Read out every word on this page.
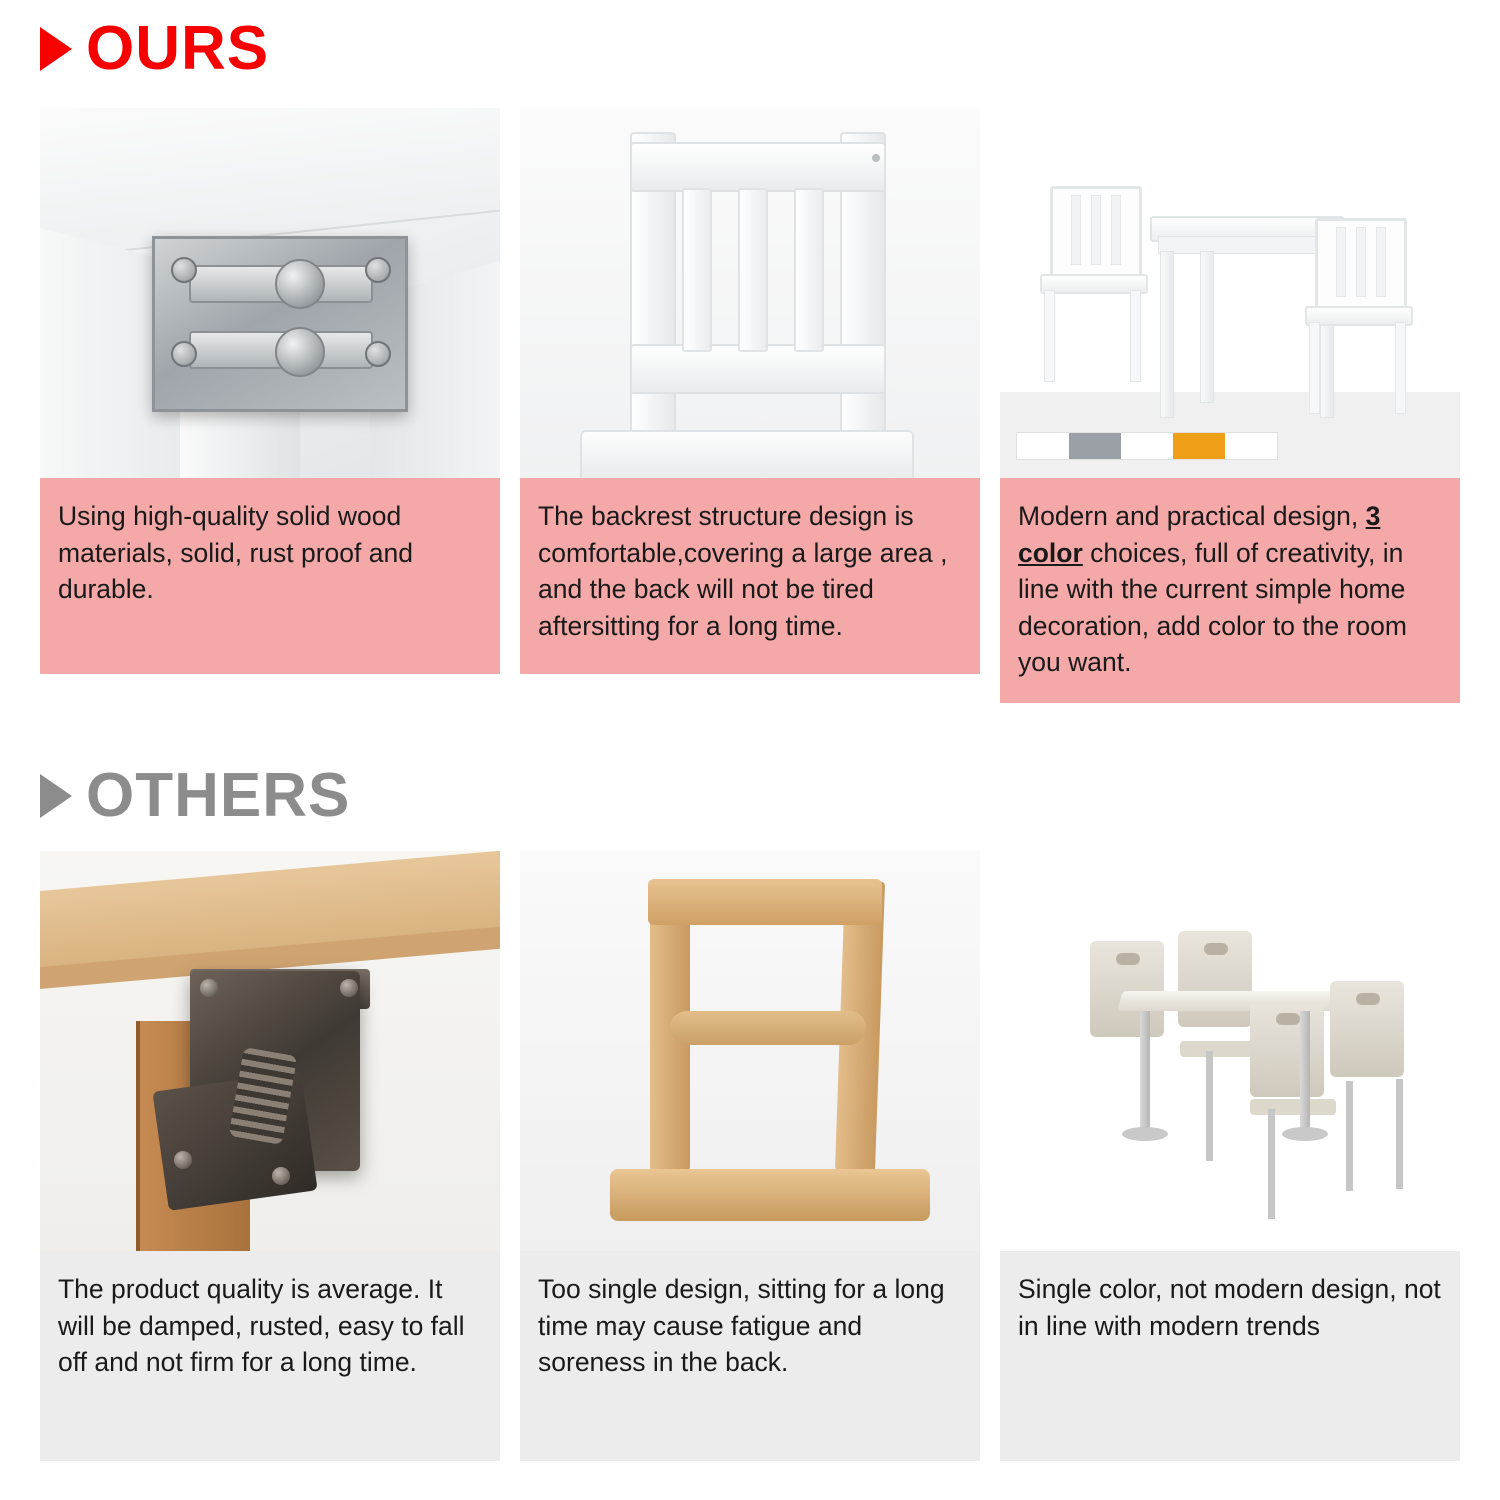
OURS
Using high-quality solid wood materials, solid, rust proof and durable.
The backrest structure design is comfortable,covering a large area , and the back will not be tired aftersitting for a long time.
Modern and practical design, 3 color choices, full of creativity, in line with the current simple home decoration, add color to the room you want.
OTHERS
The product quality is average. It will be damped, rusted, easy to fall off and not firm for a long time.
Too single design, sitting for a long time may cause fatigue and soreness in the back.
Single color, not modern design, not in line with modern trends
